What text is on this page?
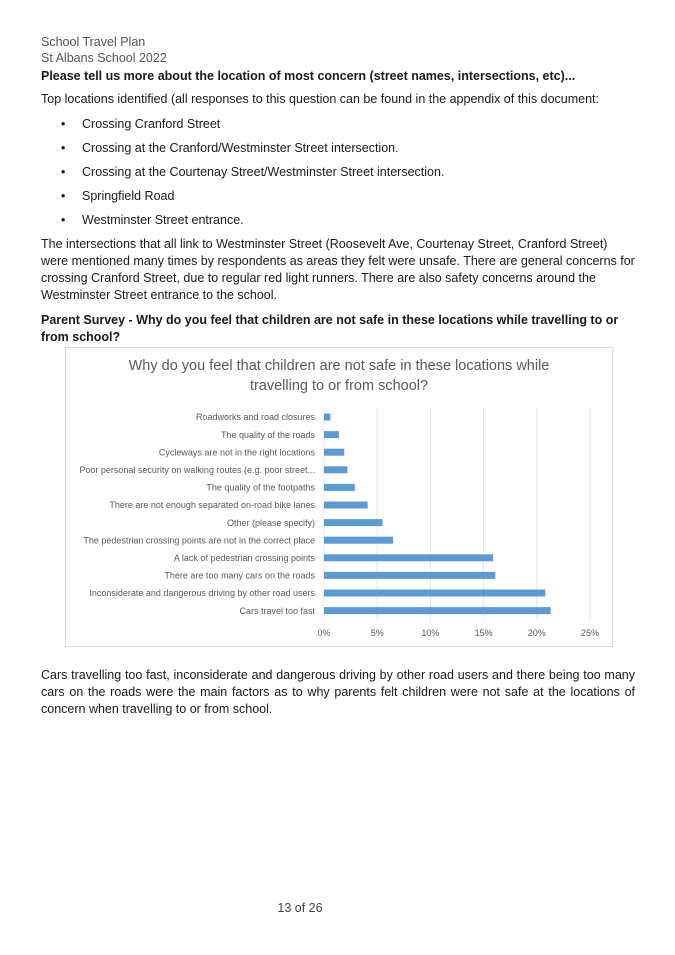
School Travel Plan
St Albans School 2022
Please tell us more about the location of most concern (street names, intersections, etc)...

Top locations identified (all responses to this question can be found in the appendix of this document:

• Crossing Cranford Street
• Crossing at the Cranford/Westminster Street intersection.
• Crossing at the Courtenay Street/Westminster Street intersection.
• Springfield Road
• Westminster Street entrance.

The intersections that all link to Westminster Street (Roosevelt Ave, Courtenay Street, Cranford Street) were mentioned many times by respondents as areas they felt were unsafe. There are general concerns for crossing Cranford Street, due to regular red light runners. There are also safety concerns around the Westminster Street entrance to the school.

Parent Survey - Why do you feel that children are not safe in these locations while travelling to or from school?
Why do you feel that children are not safe in these locations while
travelling to or from school?
0%	5%	10%	15%	20%	25%
Roadworks and road closures
The quality of the roads
Cycleways are not in the right locations
Poor personal security on walking routes (e.g. poor street...
The quality of the footpaths
There are not enough separated on-road bike lanes
Other (please specify)
The pedestrian crossing points are not in the correct place
A lack of pedestrian crossing points
There are too many cars on the roads
Inconsiderate and dangerous driving by other road users
Cars travel too fast

Cars travelling too fast, inconsiderate and dangerous driving by other road users and there being too many cars on the roads were the main factors as to why parents felt children were not safe at the locations of concern when travelling to or from school.

13 of 26
